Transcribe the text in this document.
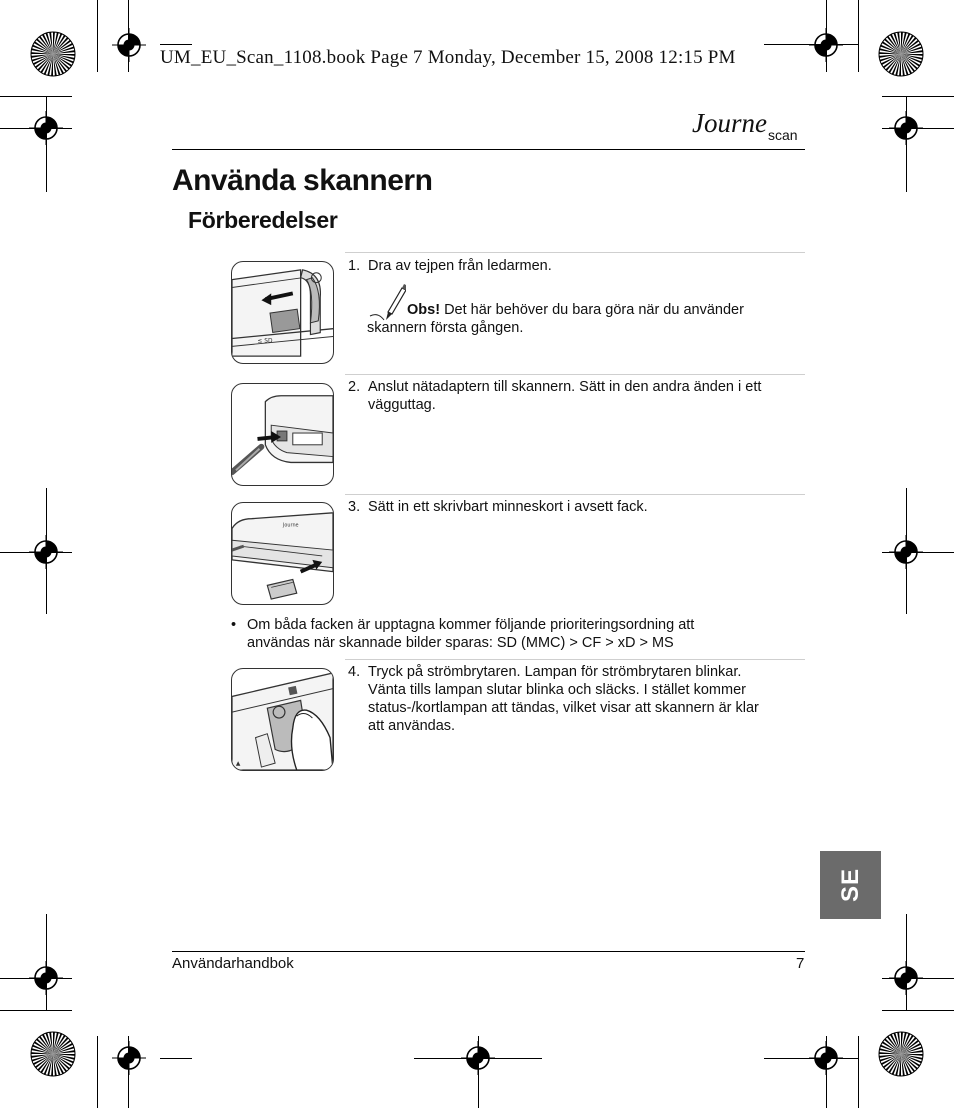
UM_EU_Scan_1108.book Page 7 Monday, December 15, 2008 12:15 PM
Journe scan
Använda skannern
Förberedelser
≤ SD
Journe
▲
1. Dra av tejpen från ledarmen.
Obs! Det här behöver du bara göra när du använder
skannern första gången.
2. Anslut nätadaptern till skannern. Sätt in den andra änden i ett
vägguttag.
3. Sätt in ett skrivbart minneskort i avsett fack.
• Om båda facken är upptagna kommer följande prioriteringsordning att
användas när skannade bilder sparas: SD (MMC) > CF > xD > MS
4. Tryck på strömbrytaren. Lampan för strömbrytaren blinkar.
Vänta tills lampan slutar blinka och släcks. I stället kommer
status-/kortlampan att tändas, vilket visar att skannern är klar
att användas.
SE
Användarhandbok	7
